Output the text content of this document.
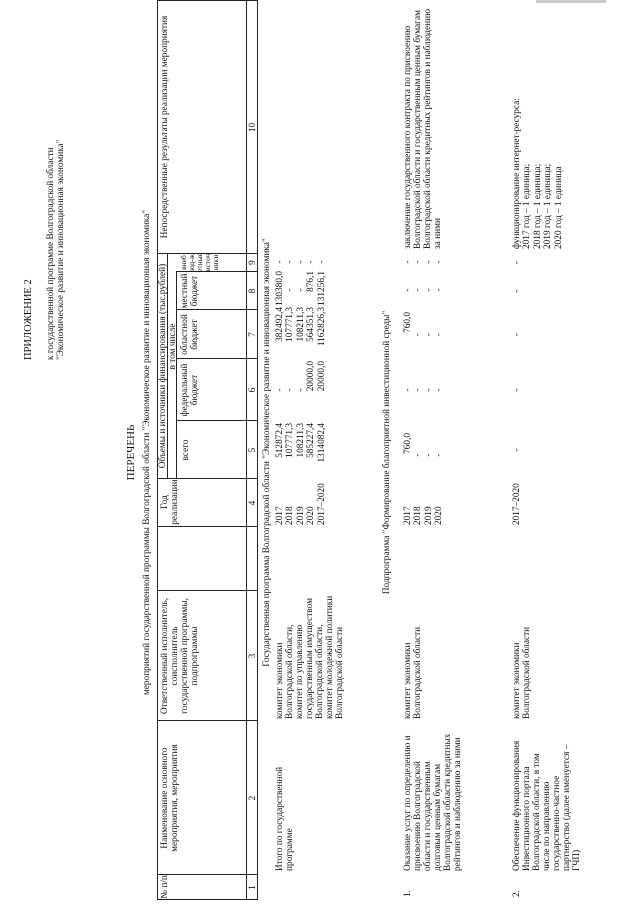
ПРИЛОЖЕНИЕ 2 к государственной программе Волгоградской области "Экономическое развитие и инновационная экономика"
ПЕРЕЧЕНЬ мероприятий государственной программы Волгоградской области "Экономическое развитие и инновационная экономика"
№ п/п
Наименование основного мероприятия, мероприятия
Ответственный исполнитель, соисполнитель государственной программы, подпрограммы
Год реализации
Объемы и источники финансирования (тыс.рублей) всего
в том числе
федеральный бюджет
областной бюджет
местный бюджет
внебюд-жетные источники
Непосредственные результаты реализации мероприятия
1
2
3
4
5
6
7
8
9
10
Государственная программа Волгоградской области "Экономическое развитие и инновационная экономика"
Итого по государственной программе
комитет экономики Волгоградской области, комитет по управлению государственным имуществом Волгоградской области, комитет молодежной политики Волгоградской области
2017 2018 2019 2020 2017–2020
512872,4 107771,3 108211,3 585227,4 1314082,4
- - - 20000,0 20000,0
382492,4 107771,3 108211,3 564351,3 1162826,3
130380,0 - - 876,1 131256,1
- - - - -
Подпрограмма "Формирование благоприятной инвестиционной среды"
1.
Оказание услуг по определению и присвоению Волгоградской области и государственным долговым ценным бумагам Волгоградской области кредитных рейтингов и наблюдению за ними
комитет экономики Волгоградской области
2017 2018 2019 2020
760,0
- - -
- - - -
760,0
- - -
- - - -
- - - -
заключение государственного контракта по присвоению Волгоградской области и государственным ценным бумагам Волгоградской области кредитных рейтингов и наблюдению за ними
2.
Обеспечение функционирования Инвестиционного портала Волгоградской области, в том числе по направлению государственно-частное партнерство (далее именуется – ГЧП)
комитет экономики Волгоградской области
2017–2020
-
-
-
-
-
функционирование интернет-ресурса: 2017 год – 1 единица; 2018 год – 1 единица; 2019 год – 1 единица; 2020 год – 1 единица
